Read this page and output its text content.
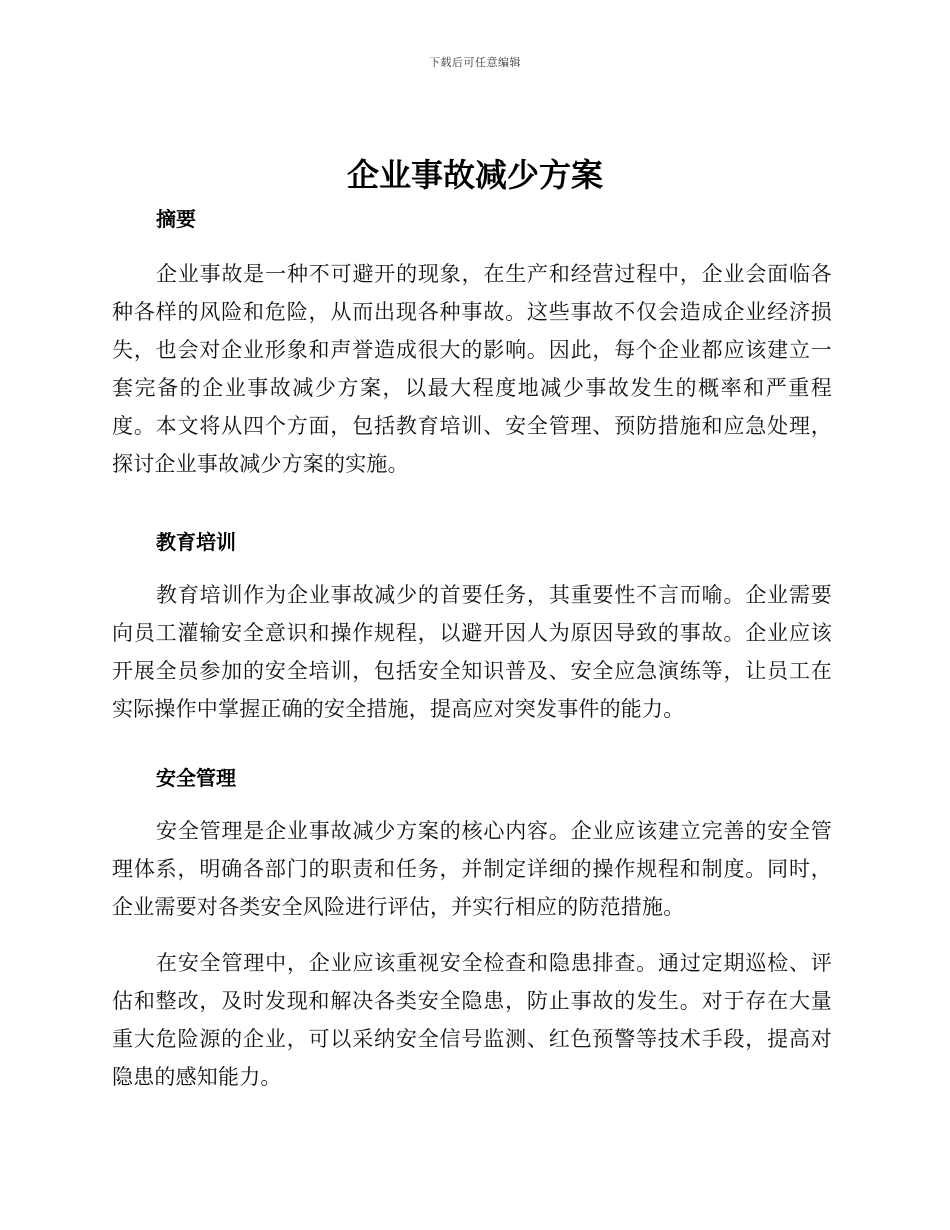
下载后可任意编辑
企业事故减少方案
摘要

企业事故是一种不可避开的现象，在生产和经营过程中，企业会面临各种各样的风险和危险，从而出现各种事故。这些事故不仅会造成企业经济损失，也会对企业形象和声誉造成很大的影响。因此，每个企业都应该建立一套完备的企业事故减少方案，以最大程度地减少事故发生的概率和严重程度。本文将从四个方面，包括教育培训、安全管理、预防措施和应急处理，探讨企业事故减少方案的实施。

教育培训

教育培训作为企业事故减少的首要任务，其重要性不言而喻。企业需要向员工灌输安全意识和操作规程，以避开因人为原因导致的事故。企业应该开展全员参加的安全培训，包括安全知识普及、安全应急演练等，让员工在实际操作中掌握正确的安全措施，提高应对突发事件的能力。

安全管理

安全管理是企业事故减少方案的核心内容。企业应该建立完善的安全管理体系，明确各部门的职责和任务，并制定详细的操作规程和制度。同时，企业需要对各类安全风险进行评估，并实行相应的防范措施。

在安全管理中，企业应该重视安全检查和隐患排查。通过定期巡检、评估和整改，及时发现和解决各类安全隐患，防止事故的发生。对于存在大量重大危险源的企业，可以采纳安全信号监测、红色预警等技术手段，提高对隐患的感知能力。
